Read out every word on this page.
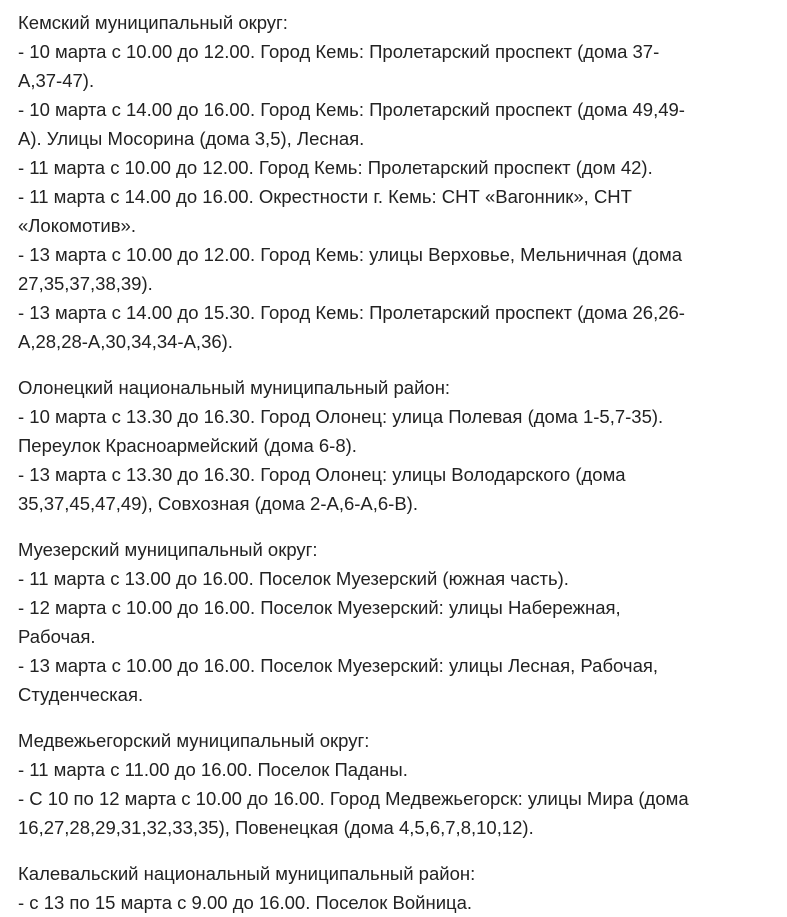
Кемский муниципальный округ:
- 10 марта с 10.00 до 12.00. Город Кемь: Пролетарский проспект (дома 37-
А,37-47).
- 10 марта с 14.00 до 16.00. Город Кемь: Пролетарский проспект (дома 49,49-
А). Улицы Мосорина (дома 3,5), Лесная.
- 11 марта с 10.00 до 12.00. Город Кемь: Пролетарский проспект (дом 42).
- 11 марта с 14.00 до 16.00. Окрестности г. Кемь: СНТ «Вагонник», СНТ
«Локомотив».
- 13 марта с 10.00 до 12.00. Город Кемь: улицы Верховье, Мельничная (дома
27,35,37,38,39).
- 13 марта с 14.00 до 15.30. Город Кемь: Пролетарский проспект (дома 26,26-
А,28,28-А,30,34,34-А,36).
Олонецкий национальный муниципальный район:
- 10 марта с 13.30 до 16.30. Город Олонец: улица Полевая (дома 1-5,7-35).
Переулок Красноармейский (дома 6-8).
- 13 марта с 13.30 до 16.30. Город Олонец: улицы Володарского (дома
35,37,45,47,49), Совхозная (дома 2-А,6-А,6-В).
Муезерский муниципальный округ:
- 11 марта с 13.00 до 16.00. Поселок Муезерский (южная часть).
- 12 марта с 10.00 до 16.00. Поселок Муезерский: улицы Набережная,
Рабочая.
- 13 марта с 10.00 до 16.00. Поселок Муезерский: улицы Лесная, Рабочая,
Студенческая.
Медвежьегорский муниципальный округ:
- 11 марта с 11.00 до 16.00. Поселок Паданы.
- С 10 по 12 марта с 10.00 до 16.00. Город Медвежьегорск: улицы Мира (дома
16,27,28,29,31,32,33,35), Повенецкая (дома 4,5,6,7,8,10,12).
Калевальский национальный муниципальный район:
- с 13 по 15 марта с 9.00 до 16.00. Поселок Войница.
